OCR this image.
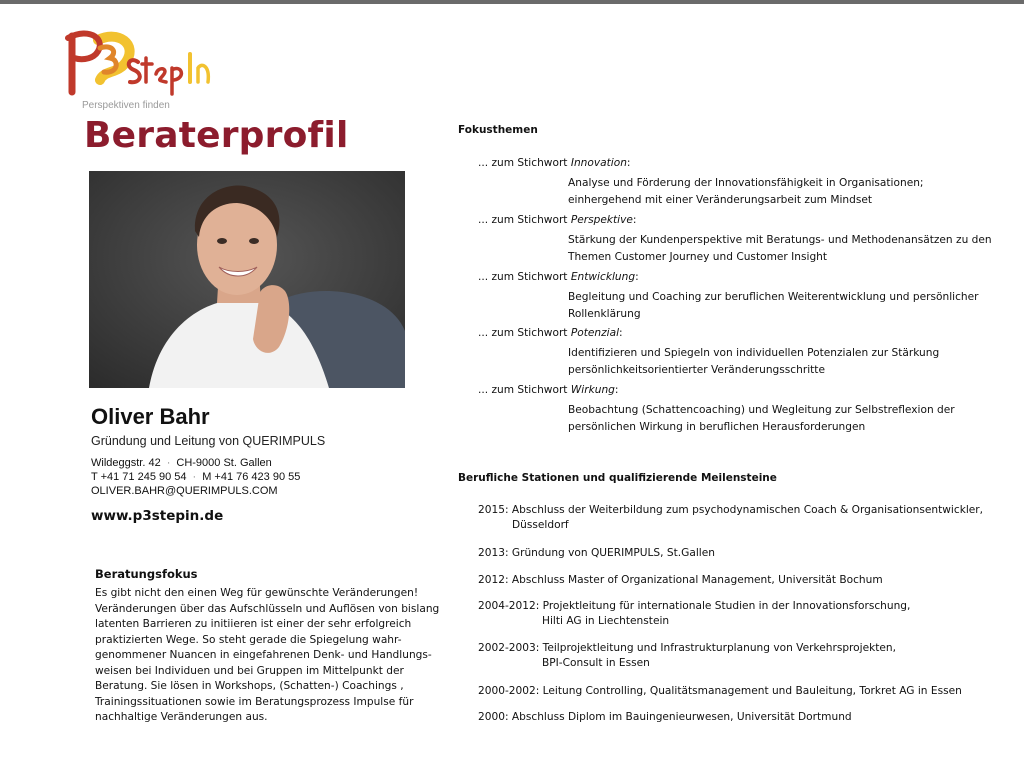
Perspektiven finden
Beraterprofil
Oliver Bahr
Gründung und Leitung von QUERIMPULS
Wildeggstr. 42 · CH-9000 St. Gallen
T +41 71 245 90 54 · M +41 76 423 90 55
OLIVER.BAHR@QUERIMPULS.COM
www.p3stepin.de
Beratungsfokus
Es gibt nicht den einen Weg für gewünschte Veränderungen! Veränderungen über das Aufschlüsseln und Auflösen von bislang latenten Barrieren zu initiieren ist einer der sehr erfolgreich praktizierten Wege. So steht gerade die Spiegelung wahr-genommener Nuancen in eingefahrenen Denk- und Handlungs-weisen bei Individuen und bei Gruppen im Mittelpunkt der Beratung. Sie lösen in Workshops, (Schatten-) Coachings , Trainingssituationen sowie im Beratungsprozess Impulse für nachhaltige Veränderungen aus.
Fokusthemen
... zum Stichwort Innovation:
Analyse und Förderung der Innovationsfähigkeit in Organisationen;
einhergehend mit einer Veränderungsarbeit zum Mindset
... zum Stichwort Perspektive:
Stärkung der Kundenperspektive mit Beratungs- und Methodenansätzen zu den
Themen Customer Journey und Customer Insight
... zum Stichwort Entwicklung:
Begleitung und Coaching zur beruflichen Weiterentwicklung und persönlicher
Rollenklärung
... zum Stichwort Potenzial:
Identifizieren und Spiegeln von individuellen Potenzialen zur Stärkung
persönlichkeitsorientierter Veränderungsschritte
... zum Stichwort Wirkung:
Beobachtung (Schattencoaching) und Wegleitung zur Selbstreflexion der
persönlichen Wirkung in beruflichen Herausforderungen
Berufliche Stationen und qualifizierende Meilensteine
2015: Abschluss der Weiterbildung zum psychodynamischen Coach & Organisationsentwickler,
Düsseldorf
2013: Gründung von QUERIMPULS, St.Gallen
2012: Abschluss Master of Organizational Management, Universität Bochum
2004-2012: Projektleitung für internationale Studien in der Innovationsforschung,
Hilti AG in Liechtenstein
2002-2003: Teilprojektleitung und Infrastrukturplanung von Verkehrsprojekten,
BPI-Consult in Essen
2000-2002: Leitung Controlling, Qualitätsmanagement und Bauleitung, Torkret AG in Essen
2000: Abschluss Diplom im Bauingenieurwesen, Universität Dortmund
